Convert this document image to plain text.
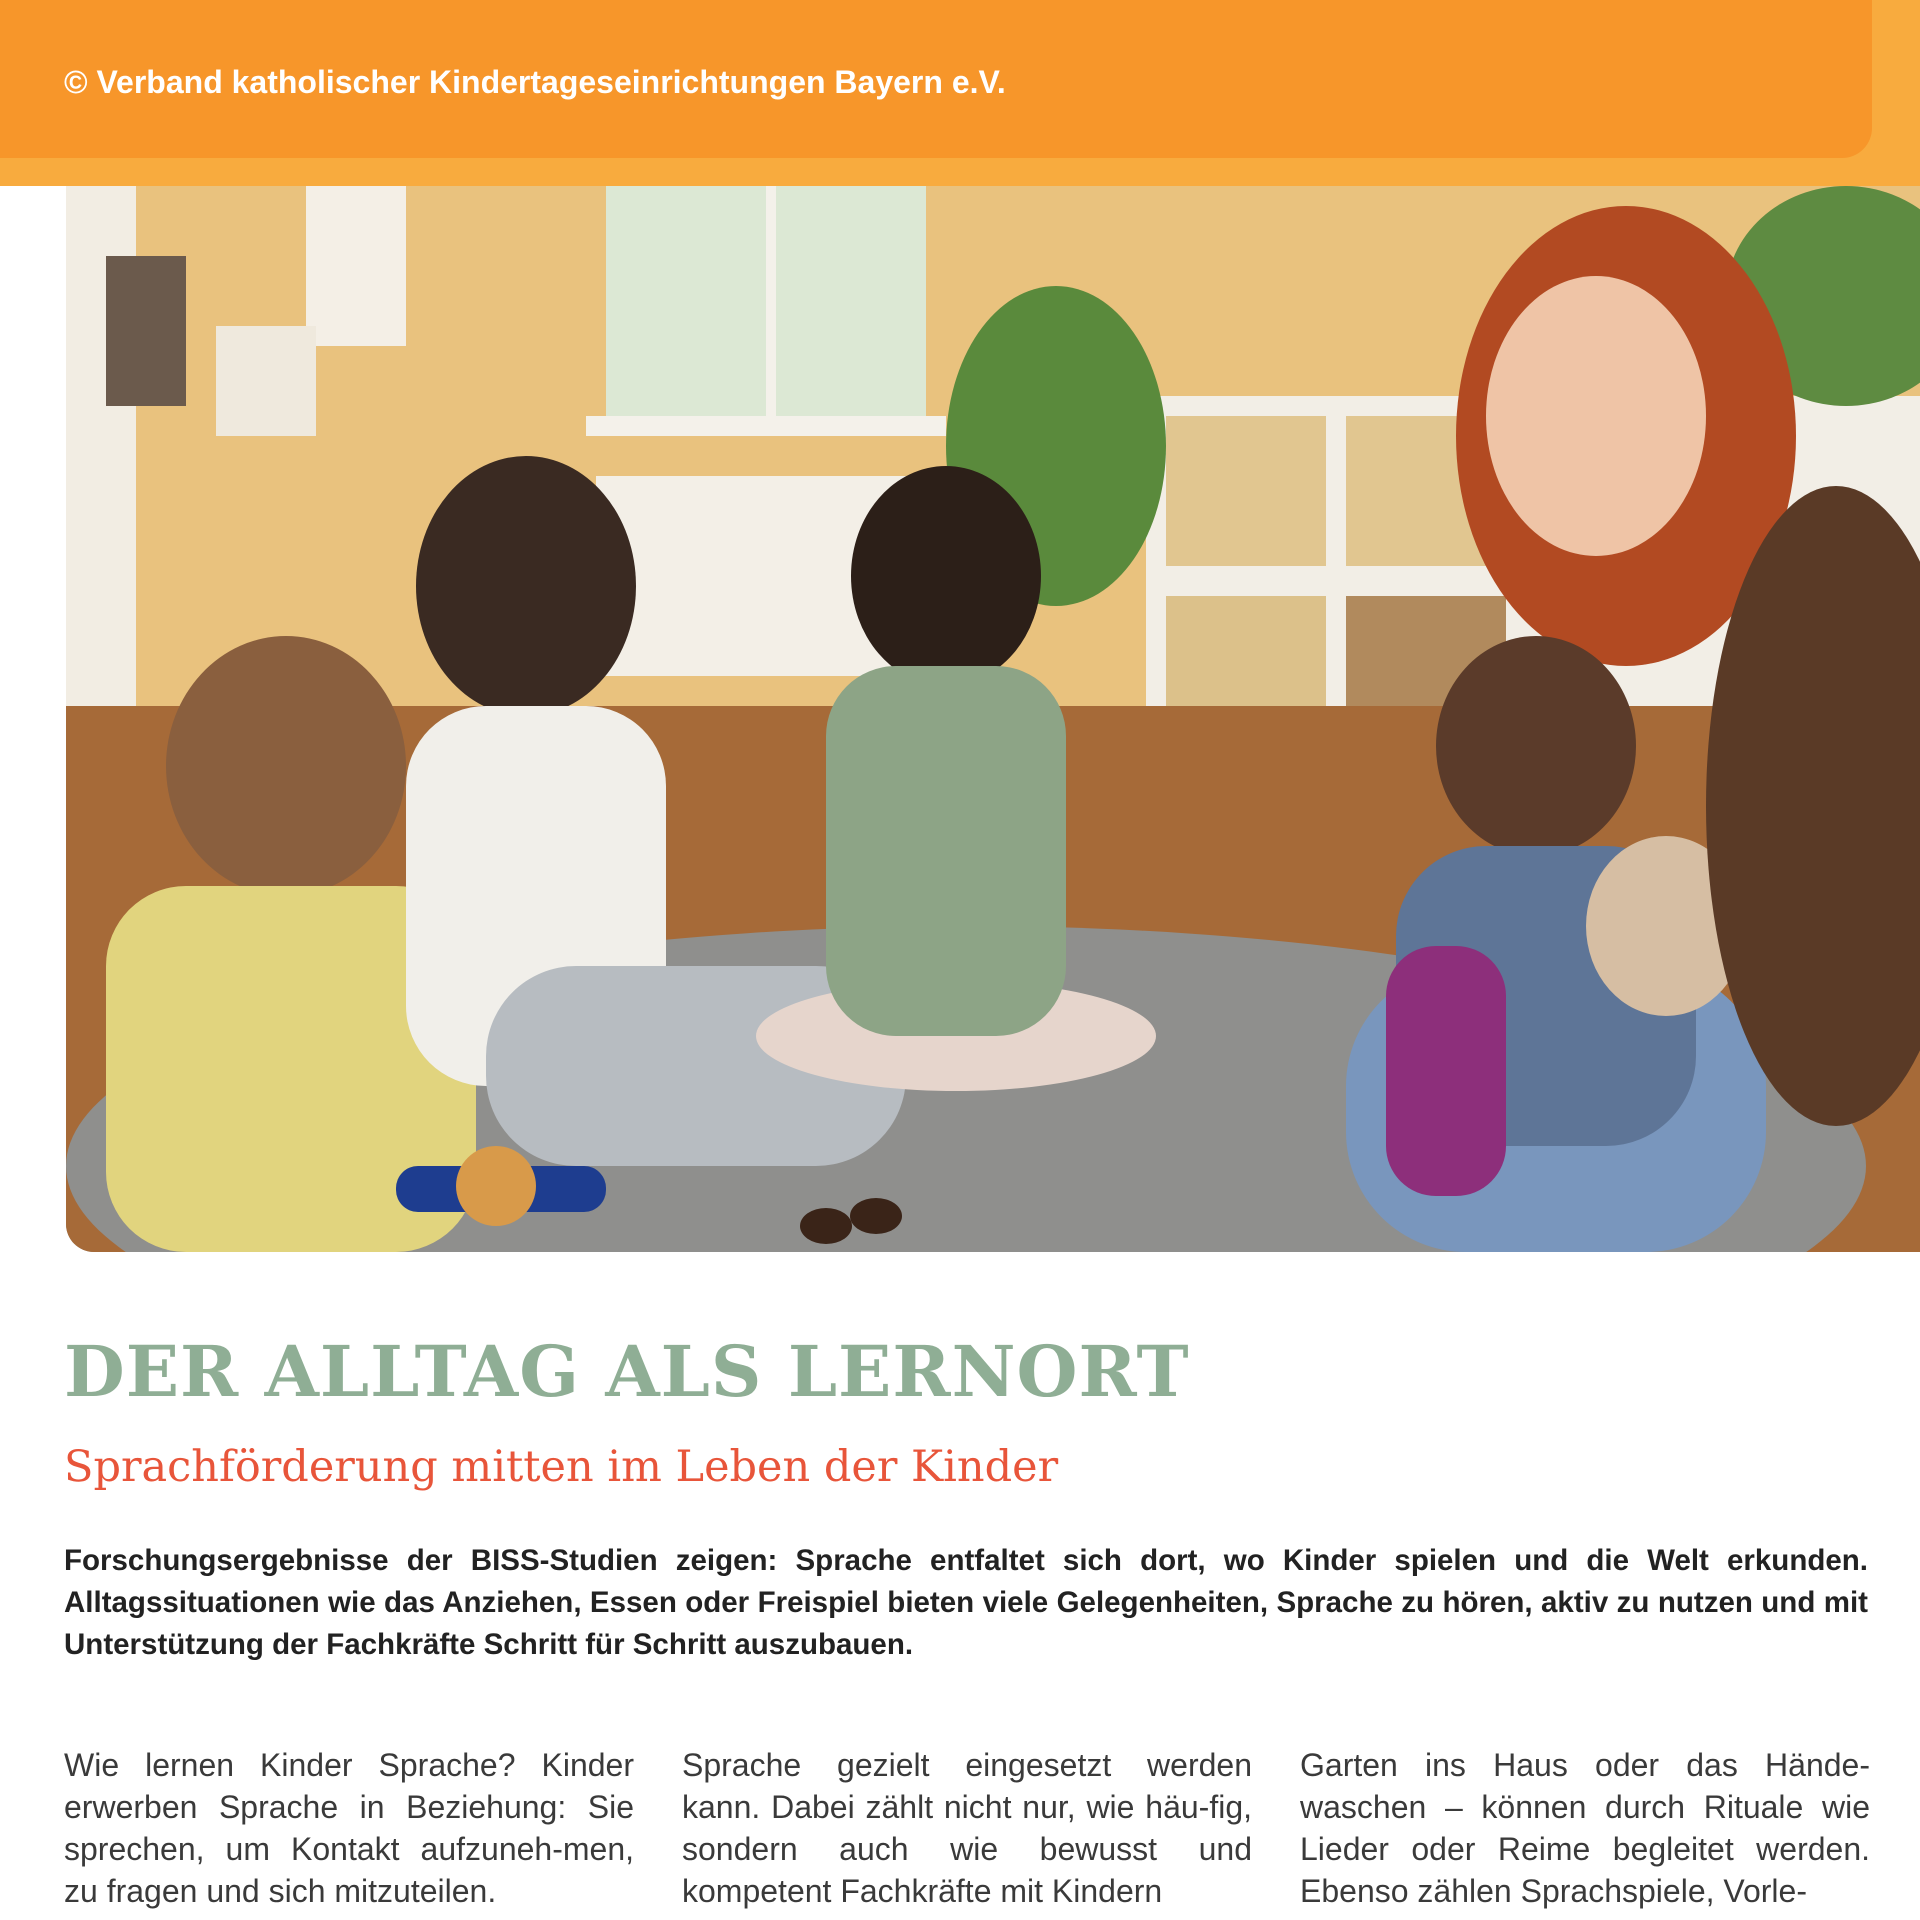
© Verband katholischer Kindertageseinrichtungen Bayern e.V.
DER ALLTAG ALS LERNORT
Sprachförderung mitten im Leben der Kinder

Forschungsergebnisse der BISS-Studien zeigen: Sprache entfaltet sich dort, wo Kinder spielen und die Welt erkunden. Alltagssituationen wie das Anziehen, Essen oder Freispiel bieten viele Gelegenheiten, Sprache zu hören, aktiv zu nutzen und mit Unterstützung der Fachkräfte Schritt für Schritt auszubauen.

Wie lernen Kinder Sprache? Kinder erwerben Sprache in Beziehung: Sie sprechen, um Kontakt aufzuneh-men, zu fragen und sich mitzuteilen.

Sprache gezielt eingesetzt werden kann. Dabei zählt nicht nur, wie häu-fig, sondern auch wie bewusst und kompetent Fachkräfte mit Kindern

Garten ins Haus oder das Hände-waschen – können durch Rituale wie Lieder oder Reime begleitet werden. Ebenso zählen Sprachspiele, Vorle-
